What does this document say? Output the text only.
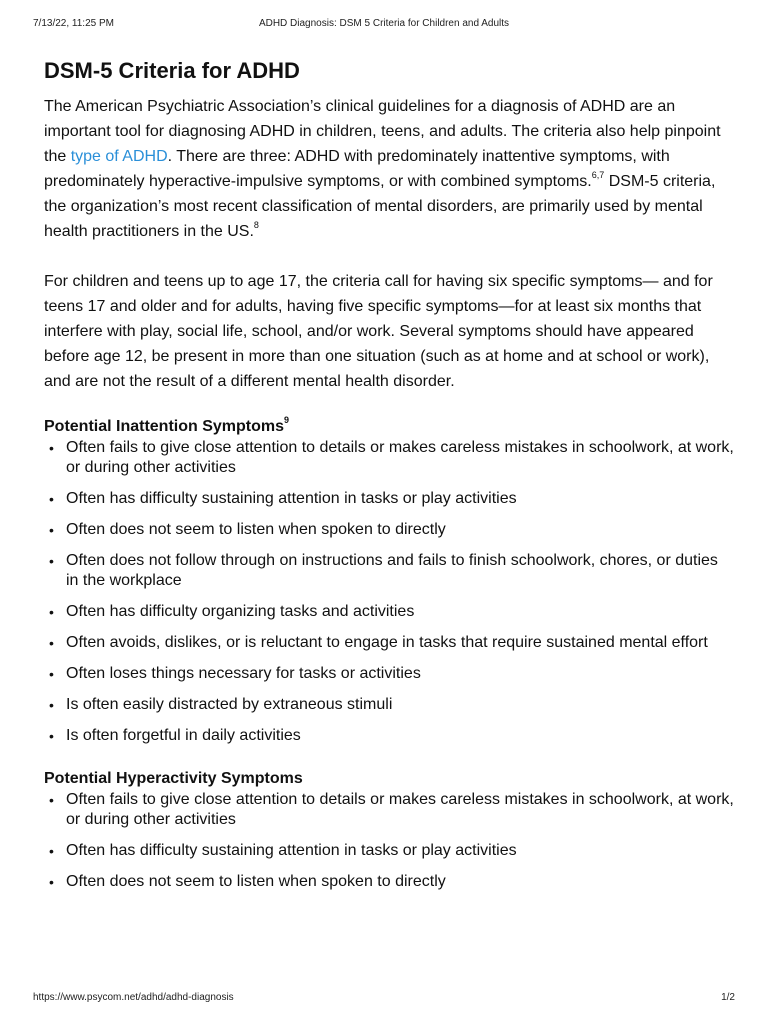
7/13/22, 11:25 PM	ADHD Diagnosis: DSM 5 Criteria for Children and Adults
DSM-5 Criteria for ADHD

The American Psychiatric Association’s clinical guidelines for a diagnosis of ADHD are an important tool for diagnosing ADHD in children, teens, and adults. The criteria also help pinpoint the type of ADHD. There are three: ADHD with predominately inattentive symptoms, with predominately hyperactive-impulsive symptoms, or with combined symptoms.$^{6,7}$ DSM-5 criteria, the organization’s most recent classification of mental disorders, are primarily used by mental health practitioners in the US.$^8$

For children and teens up to age 17, the criteria call for having six specific symptoms— and for teens 17 and older and for adults, having five specific symptoms—for at least six months that interfere with play, social life, school, and/or work. Several symptoms should have appeared before age 12, be present in more than one situation (such as at home and at school or work), and are not the result of a different mental health disorder.

Potential Inattention Symptoms$^9$
• Often fails to give close attention to details or makes careless mistakes in schoolwork, at work, or during other activities
• Often has difficulty sustaining attention in tasks or play activities
• Often does not seem to listen when spoken to directly
• Often does not follow through on instructions and fails to finish schoolwork, chores, or duties in the workplace
• Often has difficulty organizing tasks and activities
• Often avoids, dislikes, or is reluctant to engage in tasks that require sustained mental effort
• Often loses things necessary for tasks or activities
• Is often easily distracted by extraneous stimuli
• Is often forgetful in daily activities
Potential Hyperactivity Symptoms
• Often fails to give close attention to details or makes careless mistakes in schoolwork, at work, or during other activities
• Often has difficulty sustaining attention in tasks or play activities
• Often does not seem to listen when spoken to directly
https://www.psycom.net/adhd/adhd-diagnosis	1/2
